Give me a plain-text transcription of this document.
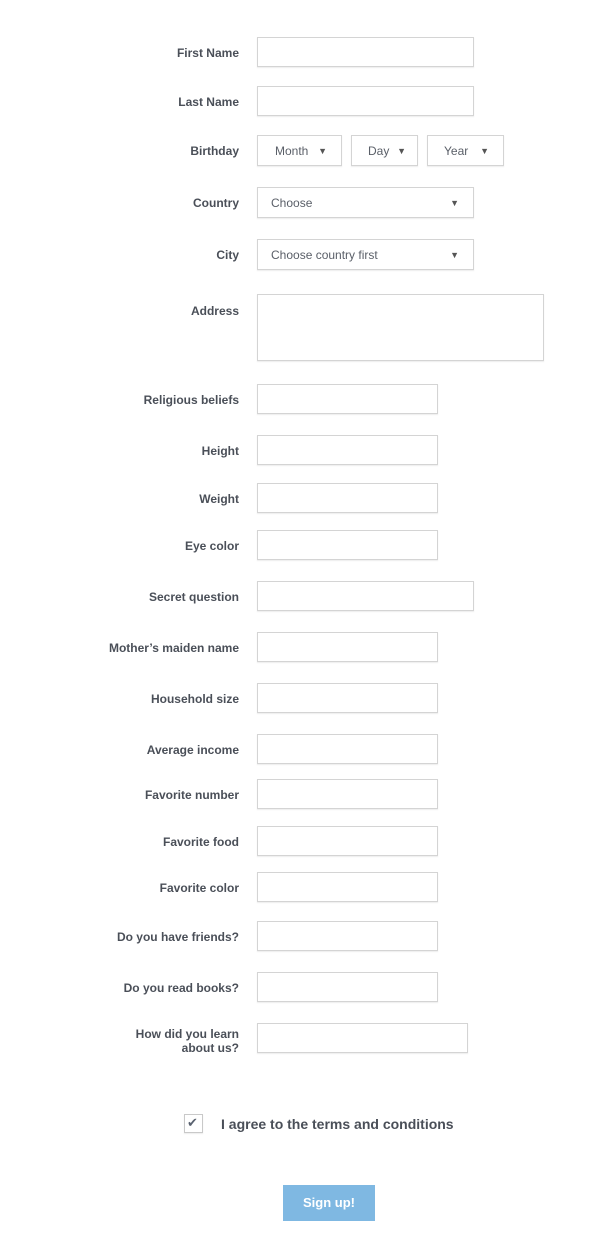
First Name
Last Name
Birthday	Month ▼	Day ▼	Year ▼
Country	Choose	▼
City	Choose country first	▼
Address
Religious beliefs
Height
Weight
Eye color
Secret question
Mother’s maiden name
Household size
Average income
Favorite number
Favorite food
Favorite color
Do you have friends?
Do you read books?
How did you learn about us?
✔ I agree to the terms and conditions
Sign up!
